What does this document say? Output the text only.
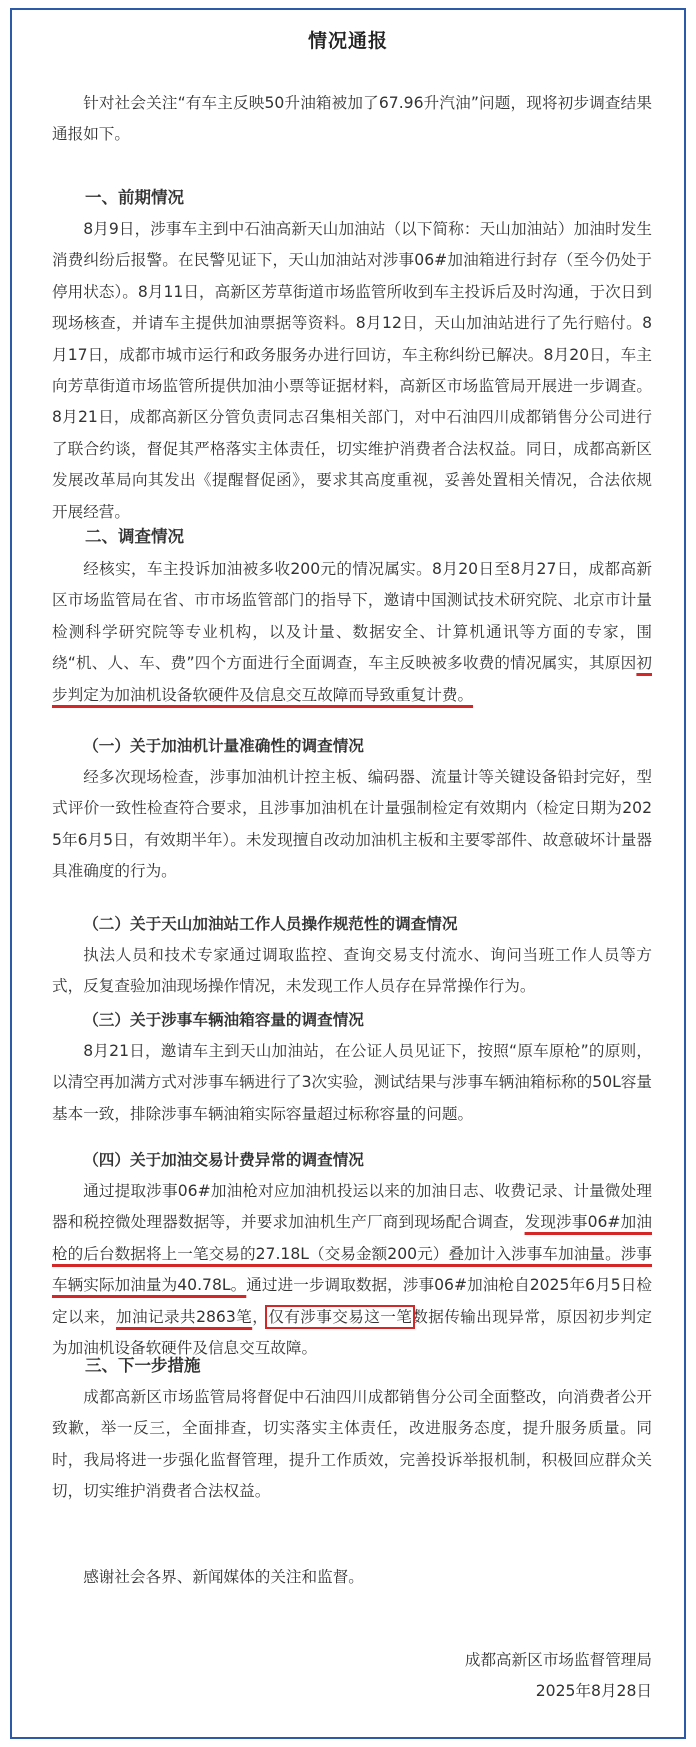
情况通报

针对社会关注“有车主反映50升油箱被加了67.96升汽油”问题，现将初步调查结果通报如下。

一、前期情况

8月9日，涉事车主到中石油高新天山加油站（以下简称：天山加油站）加油时发生消费纠纷后报警。在民警见证下，天山加油站对涉事06#加油箱进行封存（至今仍处于停用状态）。8月11日，高新区芳草街道市场监管所收到车主投诉后及时沟通，于次日到现场核查，并请车主提供加油票据等资料。8月12日，天山加油站进行了先行赔付。8月17日，成都市城市运行和政务服务办进行回访，车主称纠纷已解决。8月20日，车主向芳草街道市场监管所提供加油小票等证据材料，高新区市场监管局开展进一步调查。8月21日，成都高新区分管负责同志召集相关部门，对中石油四川成都销售分公司进行了联合约谈，督促其严格落实主体责任，切实维护消费者合法权益。同日，成都高新区发展改革局向其发出《提醒督促函》，要求其高度重视，妥善处置相关情况，合法依规开展经营。

二、调查情况

经核实，车主投诉加油被多收200元的情况属实。8月20日至8月27日，成都高新区市场监管局在省、市市场监管部门的指导下，邀请中国测试技术研究院、北京市计量检测科学研究院等专业机构，以及计量、数据安全、计算机通讯等方面的专家，围绕“机、人、车、费”四个方面进行全面调查，车主反映被多收费的情况属实，其原因初步判定为加油机设备软硬件及信息交互故障而导致重复计费。

（一）关于加油机计量准确性的调查情况

经多次现场检查，涉事加油机计控主板、编码器、流量计等关键设备铅封完好，型式评价一致性检查符合要求，且涉事加油机在计量强制检定有效期内（检定日期为2025年6月5日，有效期半年）。未发现擅自改动加油机主板和主要零部件、故意破坏计量器具准确度的行为。

（二）关于天山加油站工作人员操作规范性的调查情况

执法人员和技术专家通过调取监控、查询交易支付流水、询问当班工作人员等方式，反复查验加油现场操作情况，未发现工作人员存在异常操作行为。

（三）关于涉事车辆油箱容量的调查情况

8月21日，邀请车主到天山加油站，在公证人员见证下，按照“原车原枪”的原则，以清空再加满方式对涉事车辆进行了3次实验，测试结果与涉事车辆油箱标称的50L容量基本一致，排除涉事车辆油箱实际容量超过标称容量的问题。

（四）关于加油交易计费异常的调查情况

通过提取涉事06#加油枪对应加油机投运以来的加油日志、收费记录、计量微处理器和税控微处理器数据等，并要求加油机生产厂商到现场配合调查，发现涉事06#加油枪的后台数据将上一笔交易的27.18L（交易金额200元）叠加计入涉事车加油量。涉事车辆实际加油量为40.78L。通过进一步调取数据，涉事06#加油枪自2025年6月5日检定以来，加油记录共2863笔，仅有涉事交易这一笔数据传输出现异常，原因初步判定为加油机设备软硬件及信息交互故障。

三、下一步措施

成都高新区市场监管局将督促中石油四川成都销售分公司全面整改，向消费者公开致歉，举一反三，全面排查，切实落实主体责任，改进服务态度，提升服务质量。同时，我局将进一步强化监督管理，提升工作质效，完善投诉举报机制，积极回应群众关切，切实维护消费者合法权益。

感谢社会各界、新闻媒体的关注和监督。

成都高新区市场监督管理局

2025年8月28日
